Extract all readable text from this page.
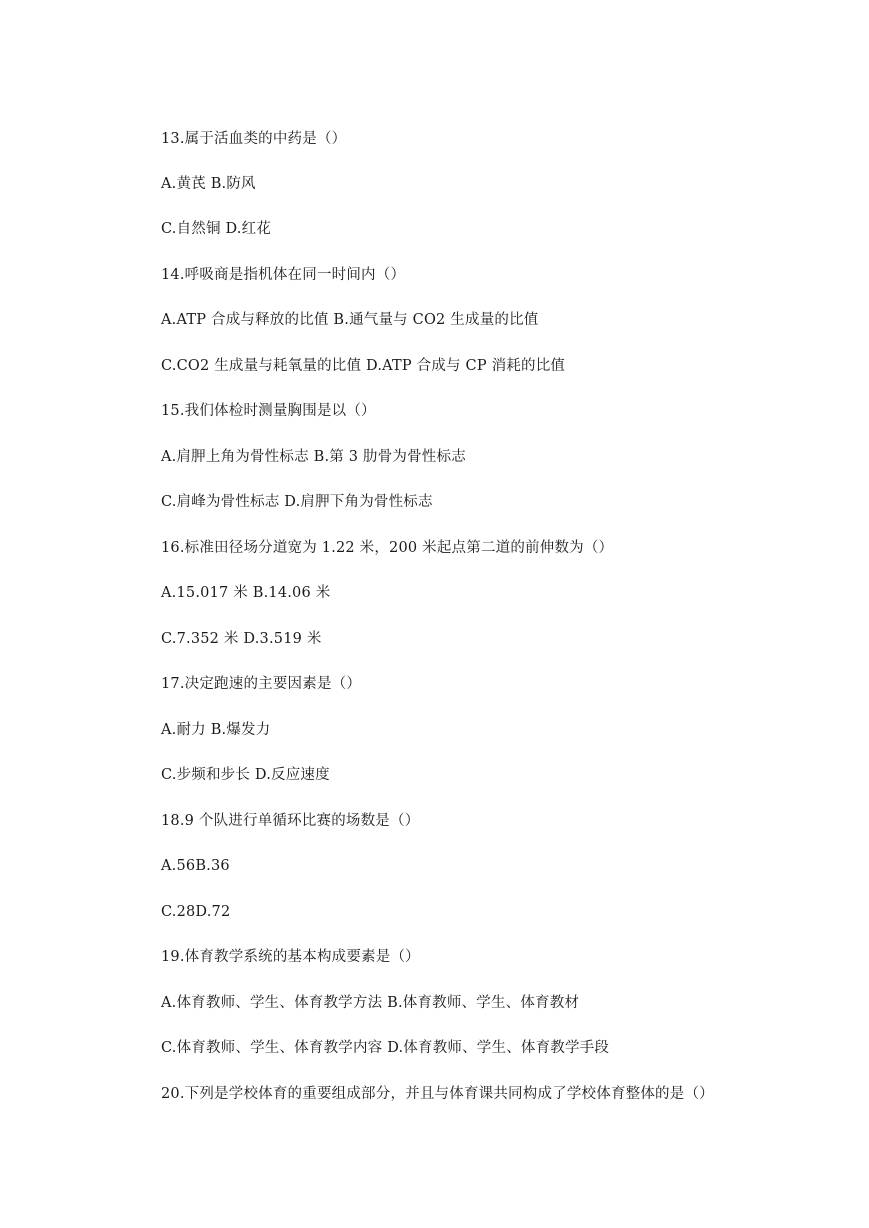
13.属于活血类的中药是（）
A.黄芪 B.防风
C.自然铜 D.红花
14.呼吸商是指机体在同一时间内（）
A.ATP 合成与释放的比值 B.通气量与 CO2 生成量的比值
C.CO2 生成量与耗氧量的比值 D.ATP 合成与 CP 消耗的比值
15.我们体检时测量胸围是以（）
A.肩胛上角为骨性标志 B.第 3 肋骨为骨性标志
C.肩峰为骨性标志 D.肩胛下角为骨性标志
16.标准田径场分道宽为 1.22 米，200 米起点第二道的前伸数为（）
A.15.017 米 B.14.06 米
C.7.352 米 D.3.519 米
17.决定跑速的主要因素是（）
A.耐力 B.爆发力
C.步频和步长 D.反应速度
18.9 个队进行单循环比赛的场数是（）
A.56B.36
C.28D.72
19.体育教学系统的基本构成要素是（）
A.体育教师、学生、体育教学方法 B.体育教师、学生、体育教材
C.体育教师、学生、体育教学内容 D.体育教师、学生、体育教学手段
20.下列是学校体育的重要组成部分，并且与体育课共同构成了学校体育整体的是（）
